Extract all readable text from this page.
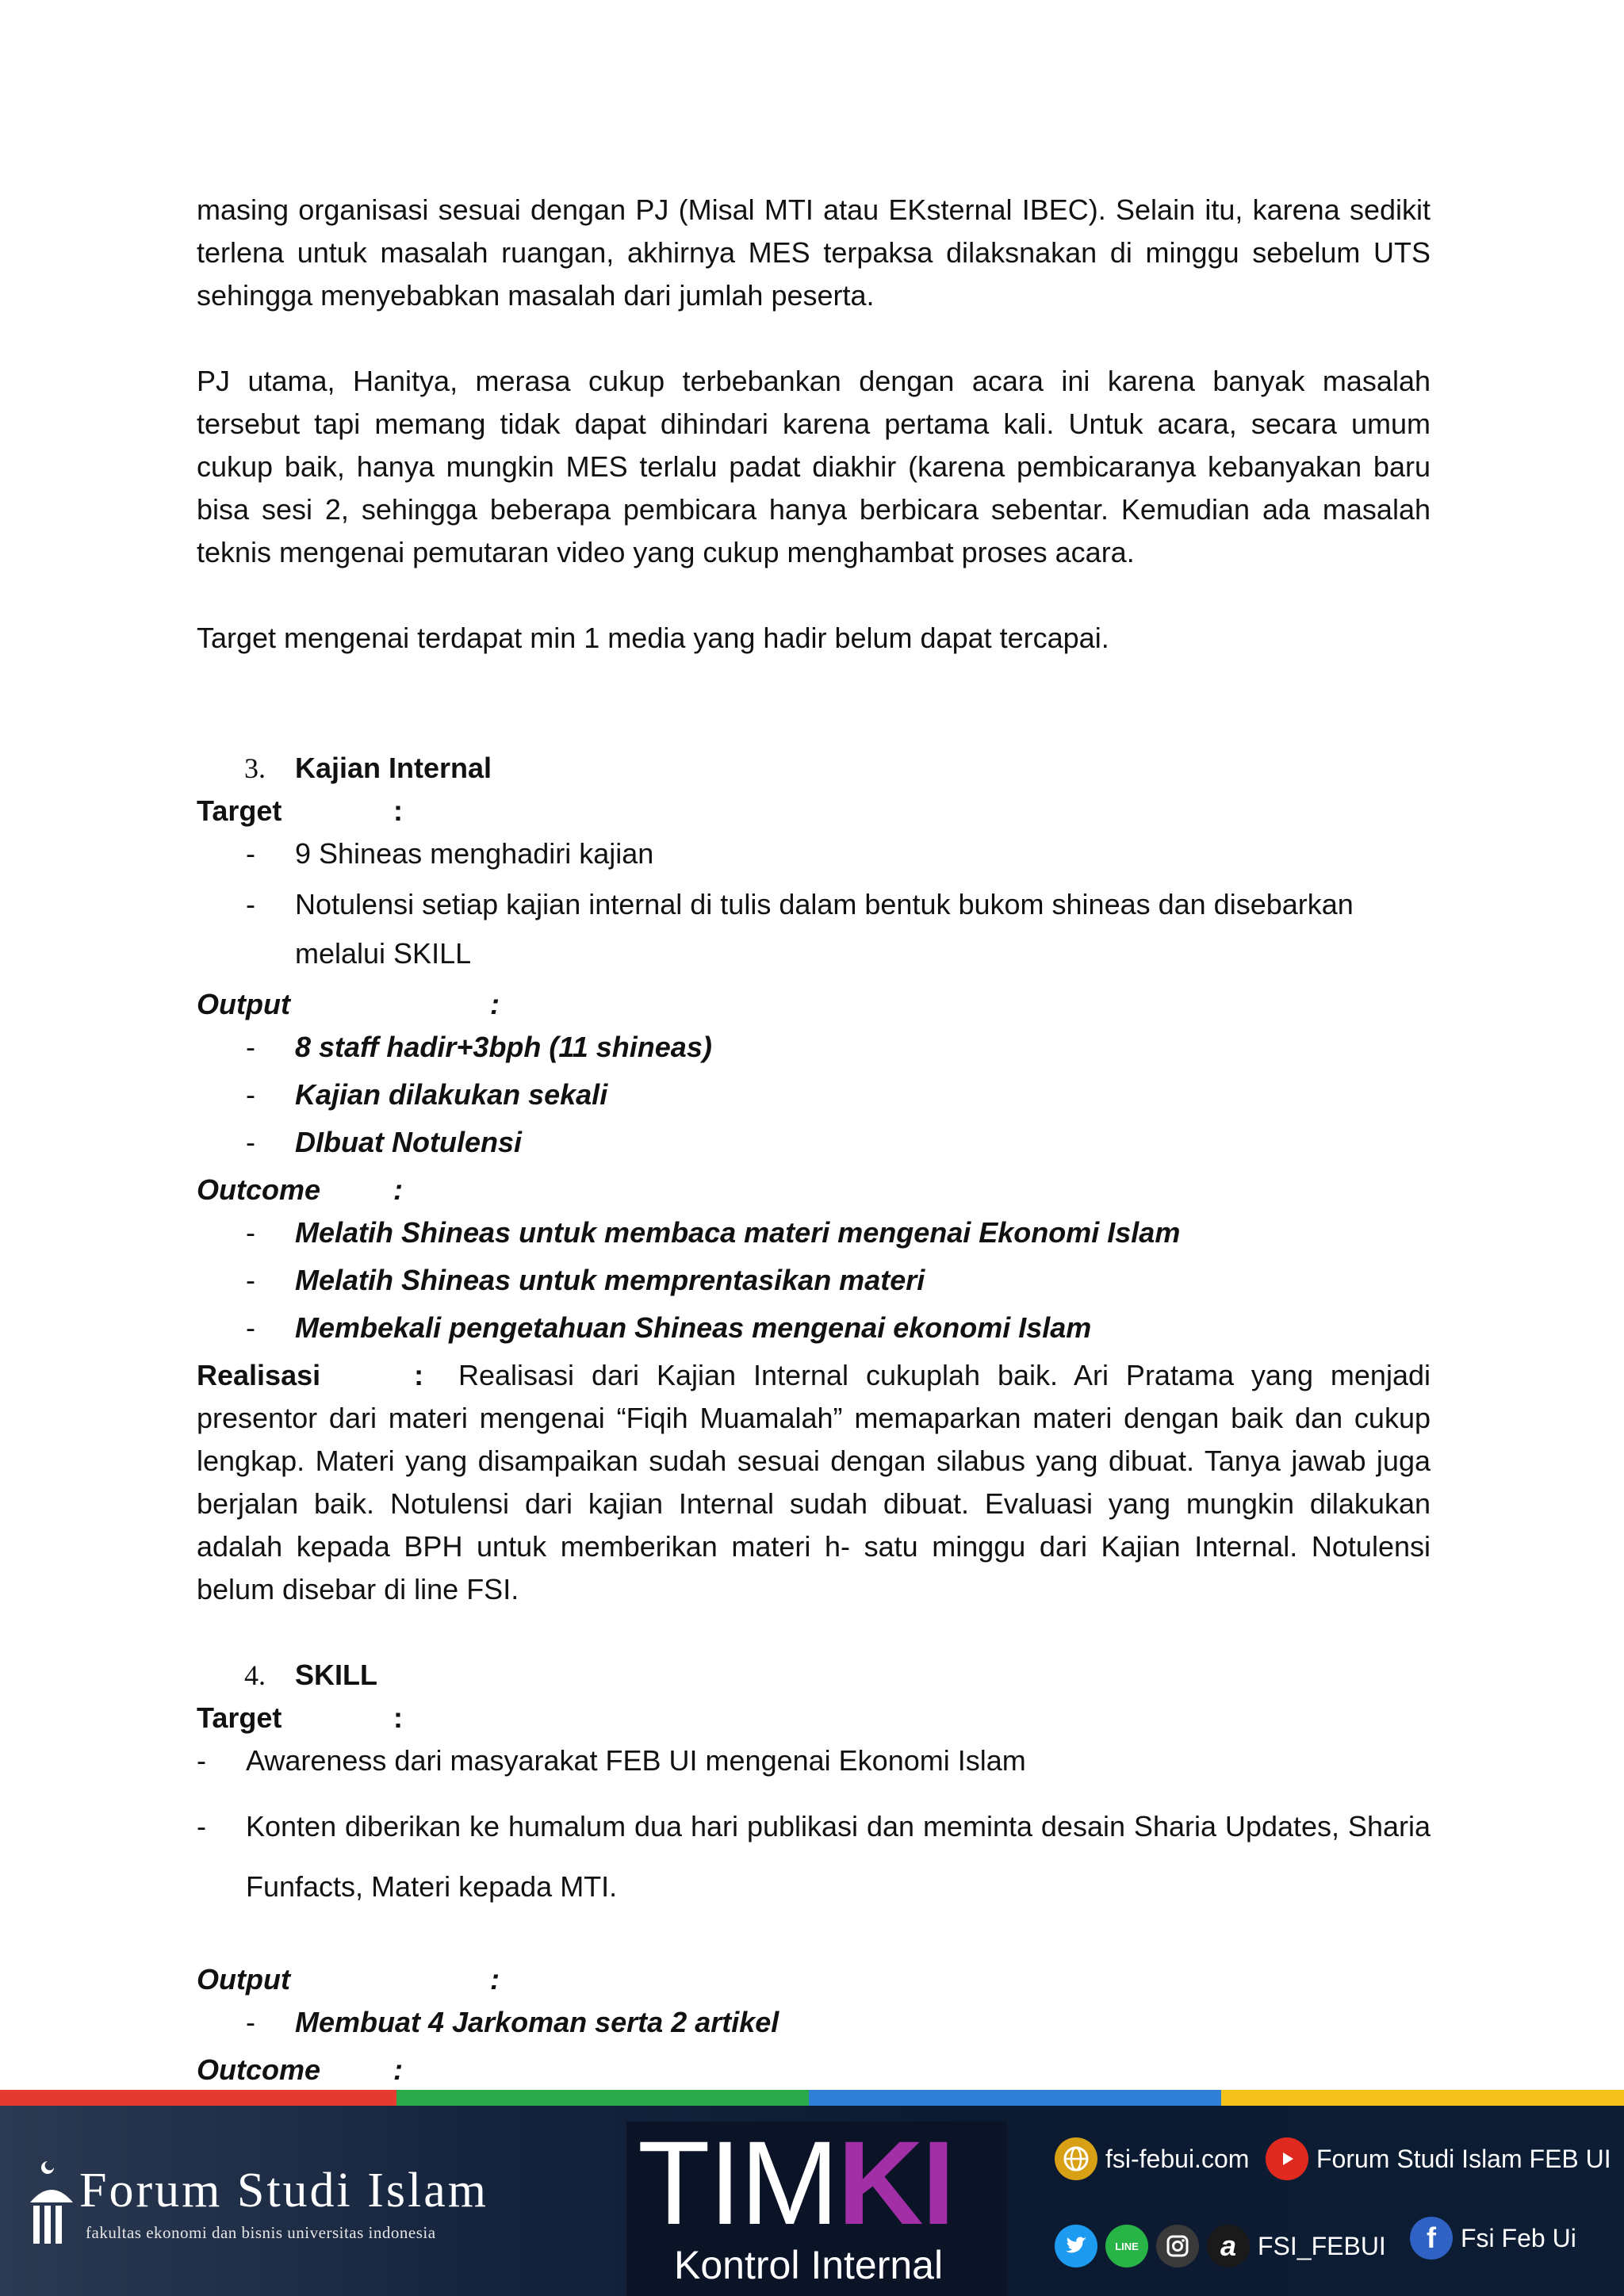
masing organisasi sesuai dengan PJ (Misal MTI atau EKsternal IBEC). Selain itu, karena sedikit terlena untuk masalah ruangan, akhirnya MES terpaksa dilaksnakan di minggu sebelum UTS sehingga menyebabkan masalah dari jumlah peserta.

PJ utama, Hanitya, merasa cukup terbebankan dengan acara ini karena banyak masalah tersebut tapi memang tidak dapat dihindari karena pertama kali. Untuk acara, secara umum cukup baik, hanya mungkin MES terlalu padat diakhir (karena pembicaranya kebanyakan baru bisa sesi 2, sehingga beberapa pembicara hanya berbicara sebentar. Kemudian ada masalah teknis mengenai pemutaran video yang cukup menghambat proses acara.

Target mengenai terdapat min 1 media yang hadir belum dapat tercapai.

3. Kajian Internal
Target	:
- 9 Shineas menghadiri kajian
- Notulensi setiap kajian internal di tulis dalam bentuk bukom shineas dan disebarkan melalui SKILL
Output	:
- 8 staff hadir+3bph (11 shineas)
- Kajian dilakukan sekali
- DIbuat Notulensi
Outcome	:
- Melatih Shineas untuk membaca materi mengenai Ekonomi Islam
- Melatih Shineas untuk memprentasikan materi
- Membekali pengetahuan Shineas mengenai ekonomi Islam

Realisasi	: Realisasi dari Kajian Internal cukuplah baik. Ari Pratama yang menjadi presentor dari materi mengenai “Fiqih Muamalah” memaparkan materi dengan baik dan cukup lengkap. Materi yang disampaikan sudah sesuai dengan silabus yang dibuat. Tanya jawab juga berjalan baik. Notulensi dari kajian Internal sudah dibuat. Evaluasi yang mungkin dilakukan adalah kepada BPH untuk memberikan materi h- satu minggu dari Kajian Internal. Notulensi belum disebar di line FSI.

4. SKILL
Target	:
- Awareness dari masyarakat FEB UI mengenai Ekonomi Islam
- Konten diberikan ke humalum dua hari publikasi dan meminta desain Sharia Updates, Sharia Funfacts, Materi kepada MTI.
Output	:
- Membuat 4 Jarkoman serta 2 artikel
Outcome	:
Forum Studi Islam
fakultas ekonomi dan bisnis universitas indonesia TIMKI
Kontrol Internal
fsi-febui.com	Forum Studi Islam FEB UI
LINE	a FSI_FEBUI	f Fsi Feb Ui
